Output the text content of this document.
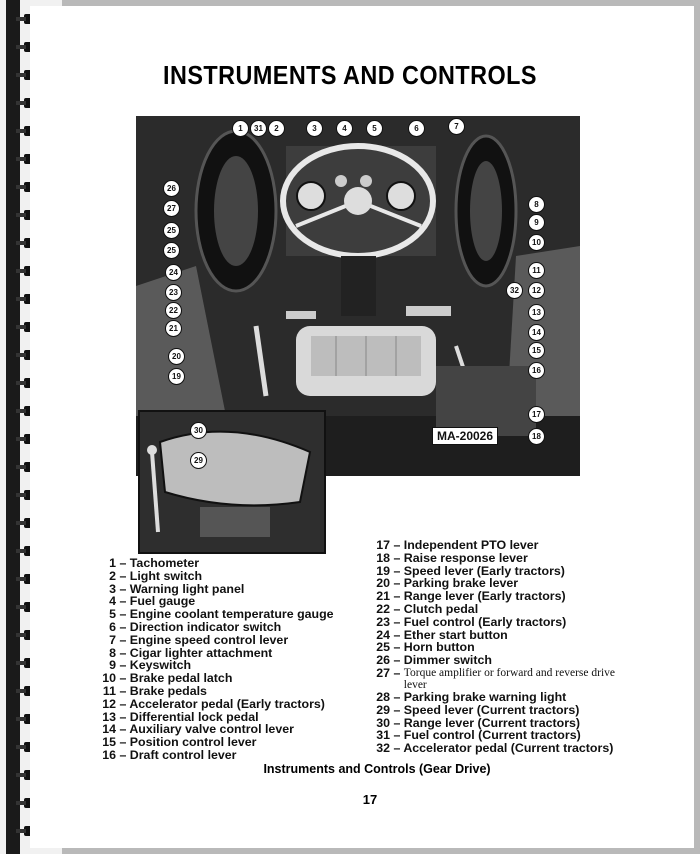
INSTRUMENTS AND CONTROLS
MA-20026
1	31	2	3	4	5	6	7
26
27
25
25
24
23
22
21
20
19
8
9
10
11
32	12
13
14
15
16
17
18
30
29
1 – Tachometer
2 – Light switch
3 – Warning light panel
4 – Fuel gauge
5 – Engine coolant temperature gauge
6 – Direction indicator switch
7 – Engine speed control lever
8 – Cigar lighter attachment
9 – Keyswitch
10 – Brake pedal latch
11 – Brake pedals
12 – Accelerator pedal (Early tractors)
13 – Differential lock pedal
14 – Auxiliary valve control lever
15 – Position control lever
16 – Draft control lever
17 – Independent PTO lever
18 – Raise response lever
19 – Speed lever (Early tractors)
20 – Parking brake lever
21 – Range lever (Early tractors)
22 – Clutch pedal
23 – Fuel control (Early tractors)
24 – Ether start button
25 – Horn button
26 – Dimmer switch
27 – Torque amplifier or forward and reverse drive lever
28 – Parking brake warning light
29 – Speed lever (Current tractors)
30 – Range lever (Current tractors)
31 – Fuel control (Current tractors)
32 – Accelerator pedal (Current tractors)
Instruments and Controls (Gear Drive)
17
